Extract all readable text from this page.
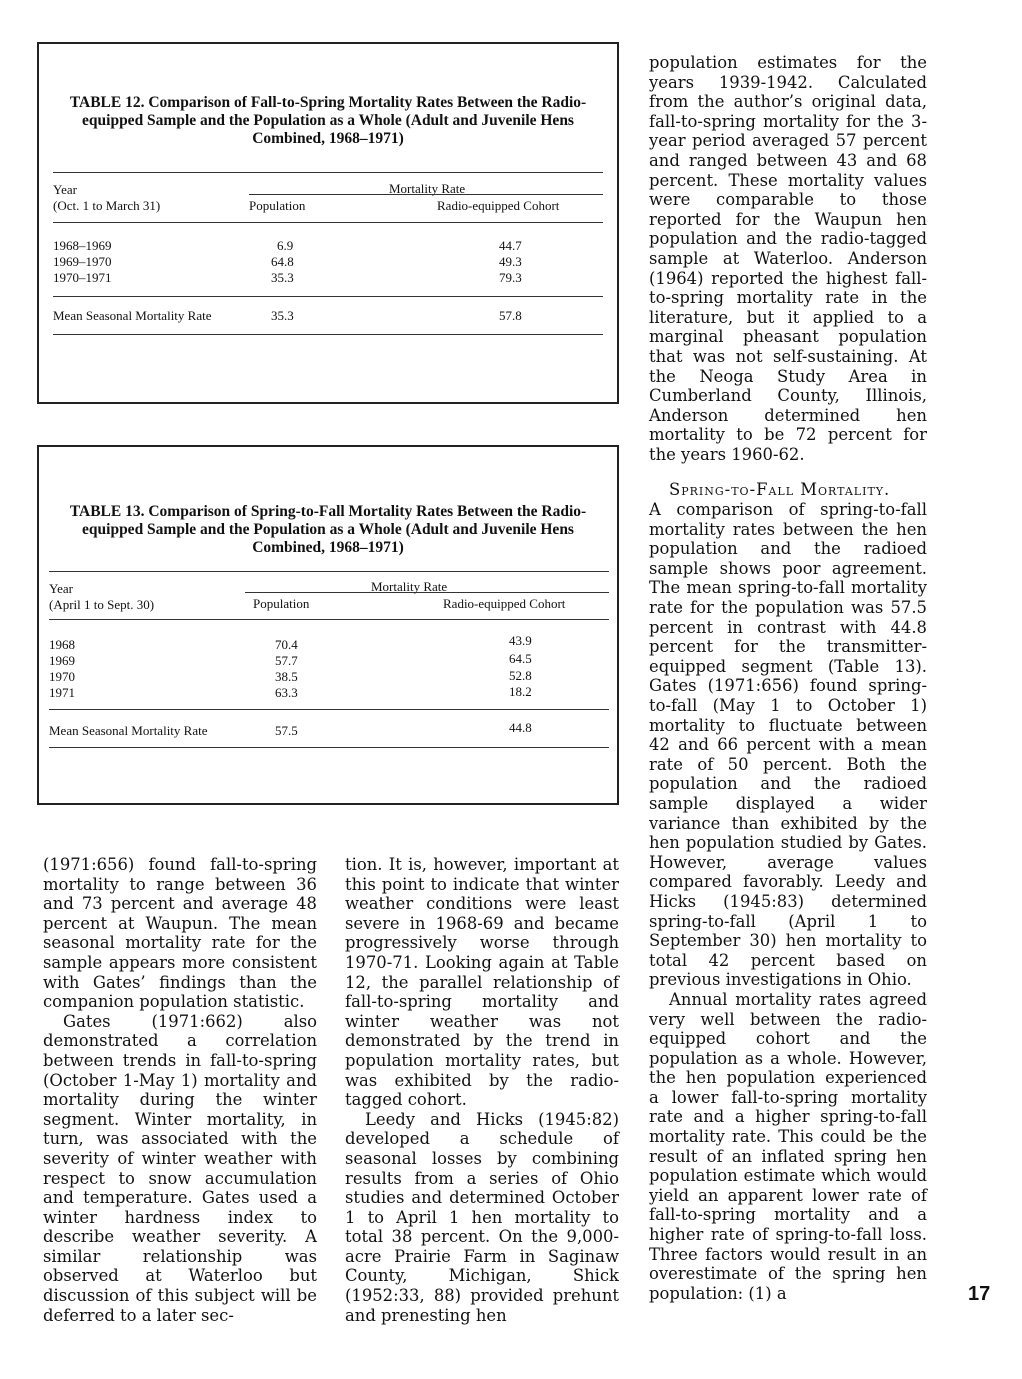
TABLE 12. Comparison of Fall-to-Spring Mortality Rates Between the Radio-equipped Sample and the Population as a Whole (Adult and Juvenile Hens Combined, 1968–1971)
Year
(Oct. 1 to March 31)
Mortality Rate
Population	Radio-equipped Cohort
1968–1969	6.9	44.7
1969–1970	64.8	49.3
1970–1971	35.3	79.3
Mean Seasonal Mortality Rate	35.3	57.8
TABLE 13. Comparison of Spring-to-Fall Mortality Rates Between the Radio-equipped Sample and the Population as a Whole (Adult and Juvenile Hens Combined, 1968–1971)
Year
(April 1 to Sept. 30)
Mortality Rate
Population	Radio-equipped Cohort
1968	70.4	43.9
1969	57.7	64.5
1970	38.5	52.8
1971	63.3	18.2
Mean Seasonal Mortality Rate	57.5	44.8

(1971:656) found fall-to-spring mortality to range between 36 and 73 percent and average 48 percent at Waupun. The mean seasonal mortality rate for the sample appears more consistent with Gates’ findings than the companion population statistic.

Gates (1971:662) also demonstrated a correlation between trends in fall-to-spring (October 1-May 1) mortality and mortality during the winter segment. Winter mortality, in turn, was associated with the severity of winter weather with respect to snow accumulation and temperature. Gates used a winter hardness index to describe weather severity. A similar relationship was observed at Waterloo but discussion of this subject will be deferred to a later sec-

tion. It is, however, important at this point to indicate that winter weather conditions were least severe in 1968-69 and became progressively worse through 1970-71. Looking again at Table 12, the parallel relationship of fall-to-spring mortality and winter weather was not demonstrated by the trend in population mortality rates, but was exhibited by the radio-tagged cohort.

Leedy and Hicks (1945:82) developed a schedule of seasonal losses by combining results from a series of Ohio studies and determined October 1 to April 1 hen mortality to total 38 percent. On the 9,000-acre Prairie Farm in Saginaw County, Michigan, Shick (1952:33, 88) provided prehunt and prenesting hen

population estimates for the years 1939-1942. Calculated from the author’s original data, fall-to-spring mortality for the 3-year period averaged 57 percent and ranged between 43 and 68 percent. These mortality values were comparable to those reported for the Waupun hen population and the radio-tagged sample at Waterloo. Anderson (1964) reported the highest fall-to-spring mortality rate in the literature, but it applied to a marginal pheasant population that was not self-sustaining. At the Neoga Study Area in Cumberland County, Illinois, Anderson determined hen mortality to be 72 percent for the years 1960-62.

Spring-to-Fall Mortality.

A comparison of spring-to-fall mortality rates between the hen population and the radioed sample shows poor agreement. The mean spring-to-fall mortality rate for the population was 57.5 percent in contrast with 44.8 percent for the transmitter-equipped segment (Table 13). Gates (1971:656) found spring-to-fall (May 1 to October 1) mortality to fluctuate between 42 and 66 percent with a mean rate of 50 percent. Both the population and the radioed sample displayed a wider variance than exhibited by the hen population studied by Gates. However, average values compared favorably. Leedy and Hicks (1945:83) determined spring-to-fall (April 1 to September 30) hen mortality to total 42 percent based on previous investigations in Ohio.

Annual mortality rates agreed very well between the radio-equipped cohort and the population as a whole. However, the hen population experienced a lower fall-to-spring mortality rate and a higher spring-to-fall mortality rate. This could be the result of an inflated spring hen population estimate which would yield an apparent lower rate of fall-to-spring mortality and a higher rate of spring-to-fall loss. Three factors would result in an overestimate of the spring hen population: (1) a	17
